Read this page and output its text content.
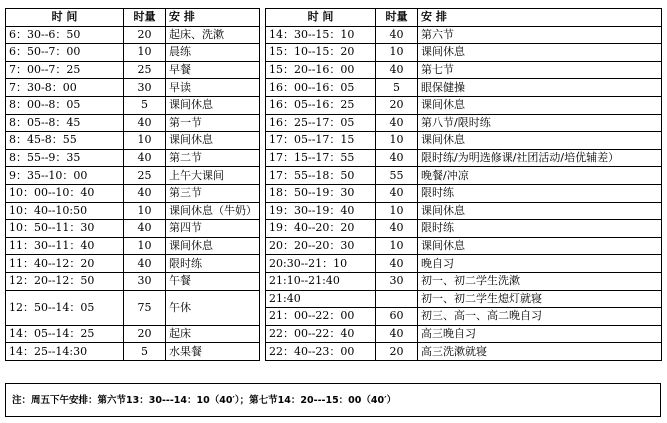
时 间	时量	安 排		时 间	时量	安 排
6：30--6：50	20	起床、洗漱		14：30--15：10	40	第六节
6：50--7：00	10	晨练		15：10--15：20	10	课间休息
7：00--7：25	25	早餐		15：20--16：00	40	第七节
7：30-8：00	30	早读		16：00--16：05	5	眼保健操
8：00--8：05	5	课间休息		16：05--16：25	20	课间休息
8：05--8：45	40	第一节		16：25--17：05	40	第八节/限时练
8：45-8：55	10	课间休息		17：05--17：15	10	课间休息
8：55--9：35	40	第二节		17：15--17：55	40	限时练/为明选修课/社团活动/培优辅差）
9：35--10：00	25	上午大课间		17：55--18：50	55	晚餐/冲凉
10：00--10：40	40	第三节		18：50--19：30	40	限时练
10：40--10:50	10	课间休息（牛奶）		19：30--19：40	10	课间休息
10：50--11：30	40	第四节		19：40--20：20	40	限时练
11：30--11：40	10	课间休息		20：20--20：30	10	课间休息
11：40--12：20	40	限时练		20:30--21：10	40	晚自习
12：20--12：50	30	午餐		21:10--21:40	30	初一、初二学生洗漱
12：50--14：05	75	午休		21:40		初一、初二学生熄灯就寝
				21：00--22：00	60	初三、高一、高二晚自习
14：05--14：25	20	起床		22：00--22：40	40	高三晚自习
14：25--14:30	5	水果餐		22：40--23：00	20	高三洗漱就寝
注：周五下午安排：第六节13：30---14：10（40′）；第七节14：20---15：00（40′）
